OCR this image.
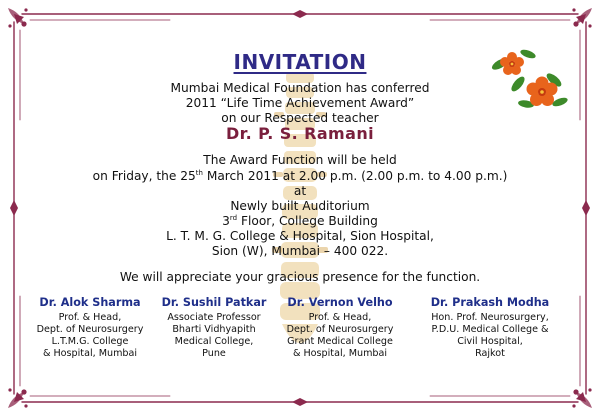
INVITATION
Mumbai Medical Foundation has conferred
2011 “Life Time Achievement Award”
on our Respected teacher
Dr. P. S. Ramani
The Award Function will be held
on Friday, the 25th March 2011 at 2.00 p.m. (2.00 p.m. to 4.00 p.m.)
at
Newly built Auditorium
3rd Floor, College Building
L. T. M. G. College & Hospital, Sion Hospital,
Sion (W), Mumbai – 400 022.
We will appreciate your gracious presence for the function.
Dr. Alok Sharma
Prof. & Head,
Dept. of Neurosurgery
L.T.M.G. College
& Hospital, Mumbai
Dr. Sushil Patkar
Associate Professor
Bharti Vidhyapith
Medical College,
Pune
Dr. Vernon Velho
Prof. & Head,
Dept. of Neurosurgery
Grant Medical College
& Hospital, Mumbai
Dr. Prakash Modha
Hon. Prof. Neurosurgery,
P.D.U. Medical College &
Civil Hospital,
Rajkot
